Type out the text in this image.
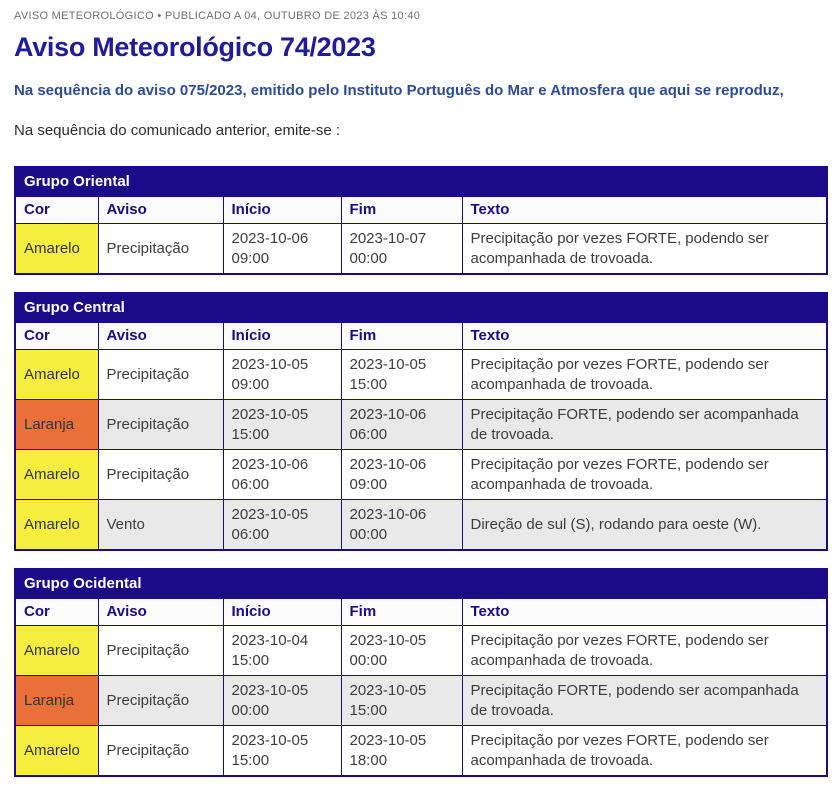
AVISO METEOROLÓGICO • PUBLICADO A 04, OUTUBRO DE 2023 ÀS 10:40
Aviso Meteorológico 74/2023

Na sequência do aviso 075/2023, emitido pelo Instituto Português do Mar e Atmosfera que aqui se reproduz,

Na sequência do comunicado anterior, emite-se :

Grupo Oriental				
Cor	Aviso	Início	Fim	Texto
Amarelo	Precipitação	2023-10-06 09:00	2023-10-07 00:00	Precipitação por vezes FORTE, podendo ser acompanhada de trovoada.
Grupo Central				
Cor	Aviso	Início	Fim	Texto
Amarelo	Precipitação	2023-10-05 09:00	2023-10-05 15:00	Precipitação por vezes FORTE, podendo ser acompanhada de trovoada.
Laranja	Precipitação	2023-10-05 15:00	2023-10-06 06:00	Precipitação FORTE, podendo ser acompanhada de trovoada.
Amarelo	Precipitação	2023-10-06 06:00	2023-10-06 09:00	Precipitação por vezes FORTE, podendo ser acompanhada de trovoada.
Amarelo	Vento	2023-10-05 06:00	2023-10-06 00:00	Direção de sul (S), rodando para oeste (W).
Grupo Ocidental				
Cor	Aviso	Início	Fim	Texto
Amarelo	Precipitação	2023-10-04 15:00	2023-10-05 00:00	Precipitação por vezes FORTE, podendo ser acompanhada de trovoada.
Laranja	Precipitação	2023-10-05 00:00	2023-10-05 15:00	Precipitação FORTE, podendo ser acompanhada de trovoada.
Amarelo	Precipitação	2023-10-05 15:00	2023-10-05 18:00	Precipitação por vezes FORTE, podendo ser acompanhada de trovoada.
